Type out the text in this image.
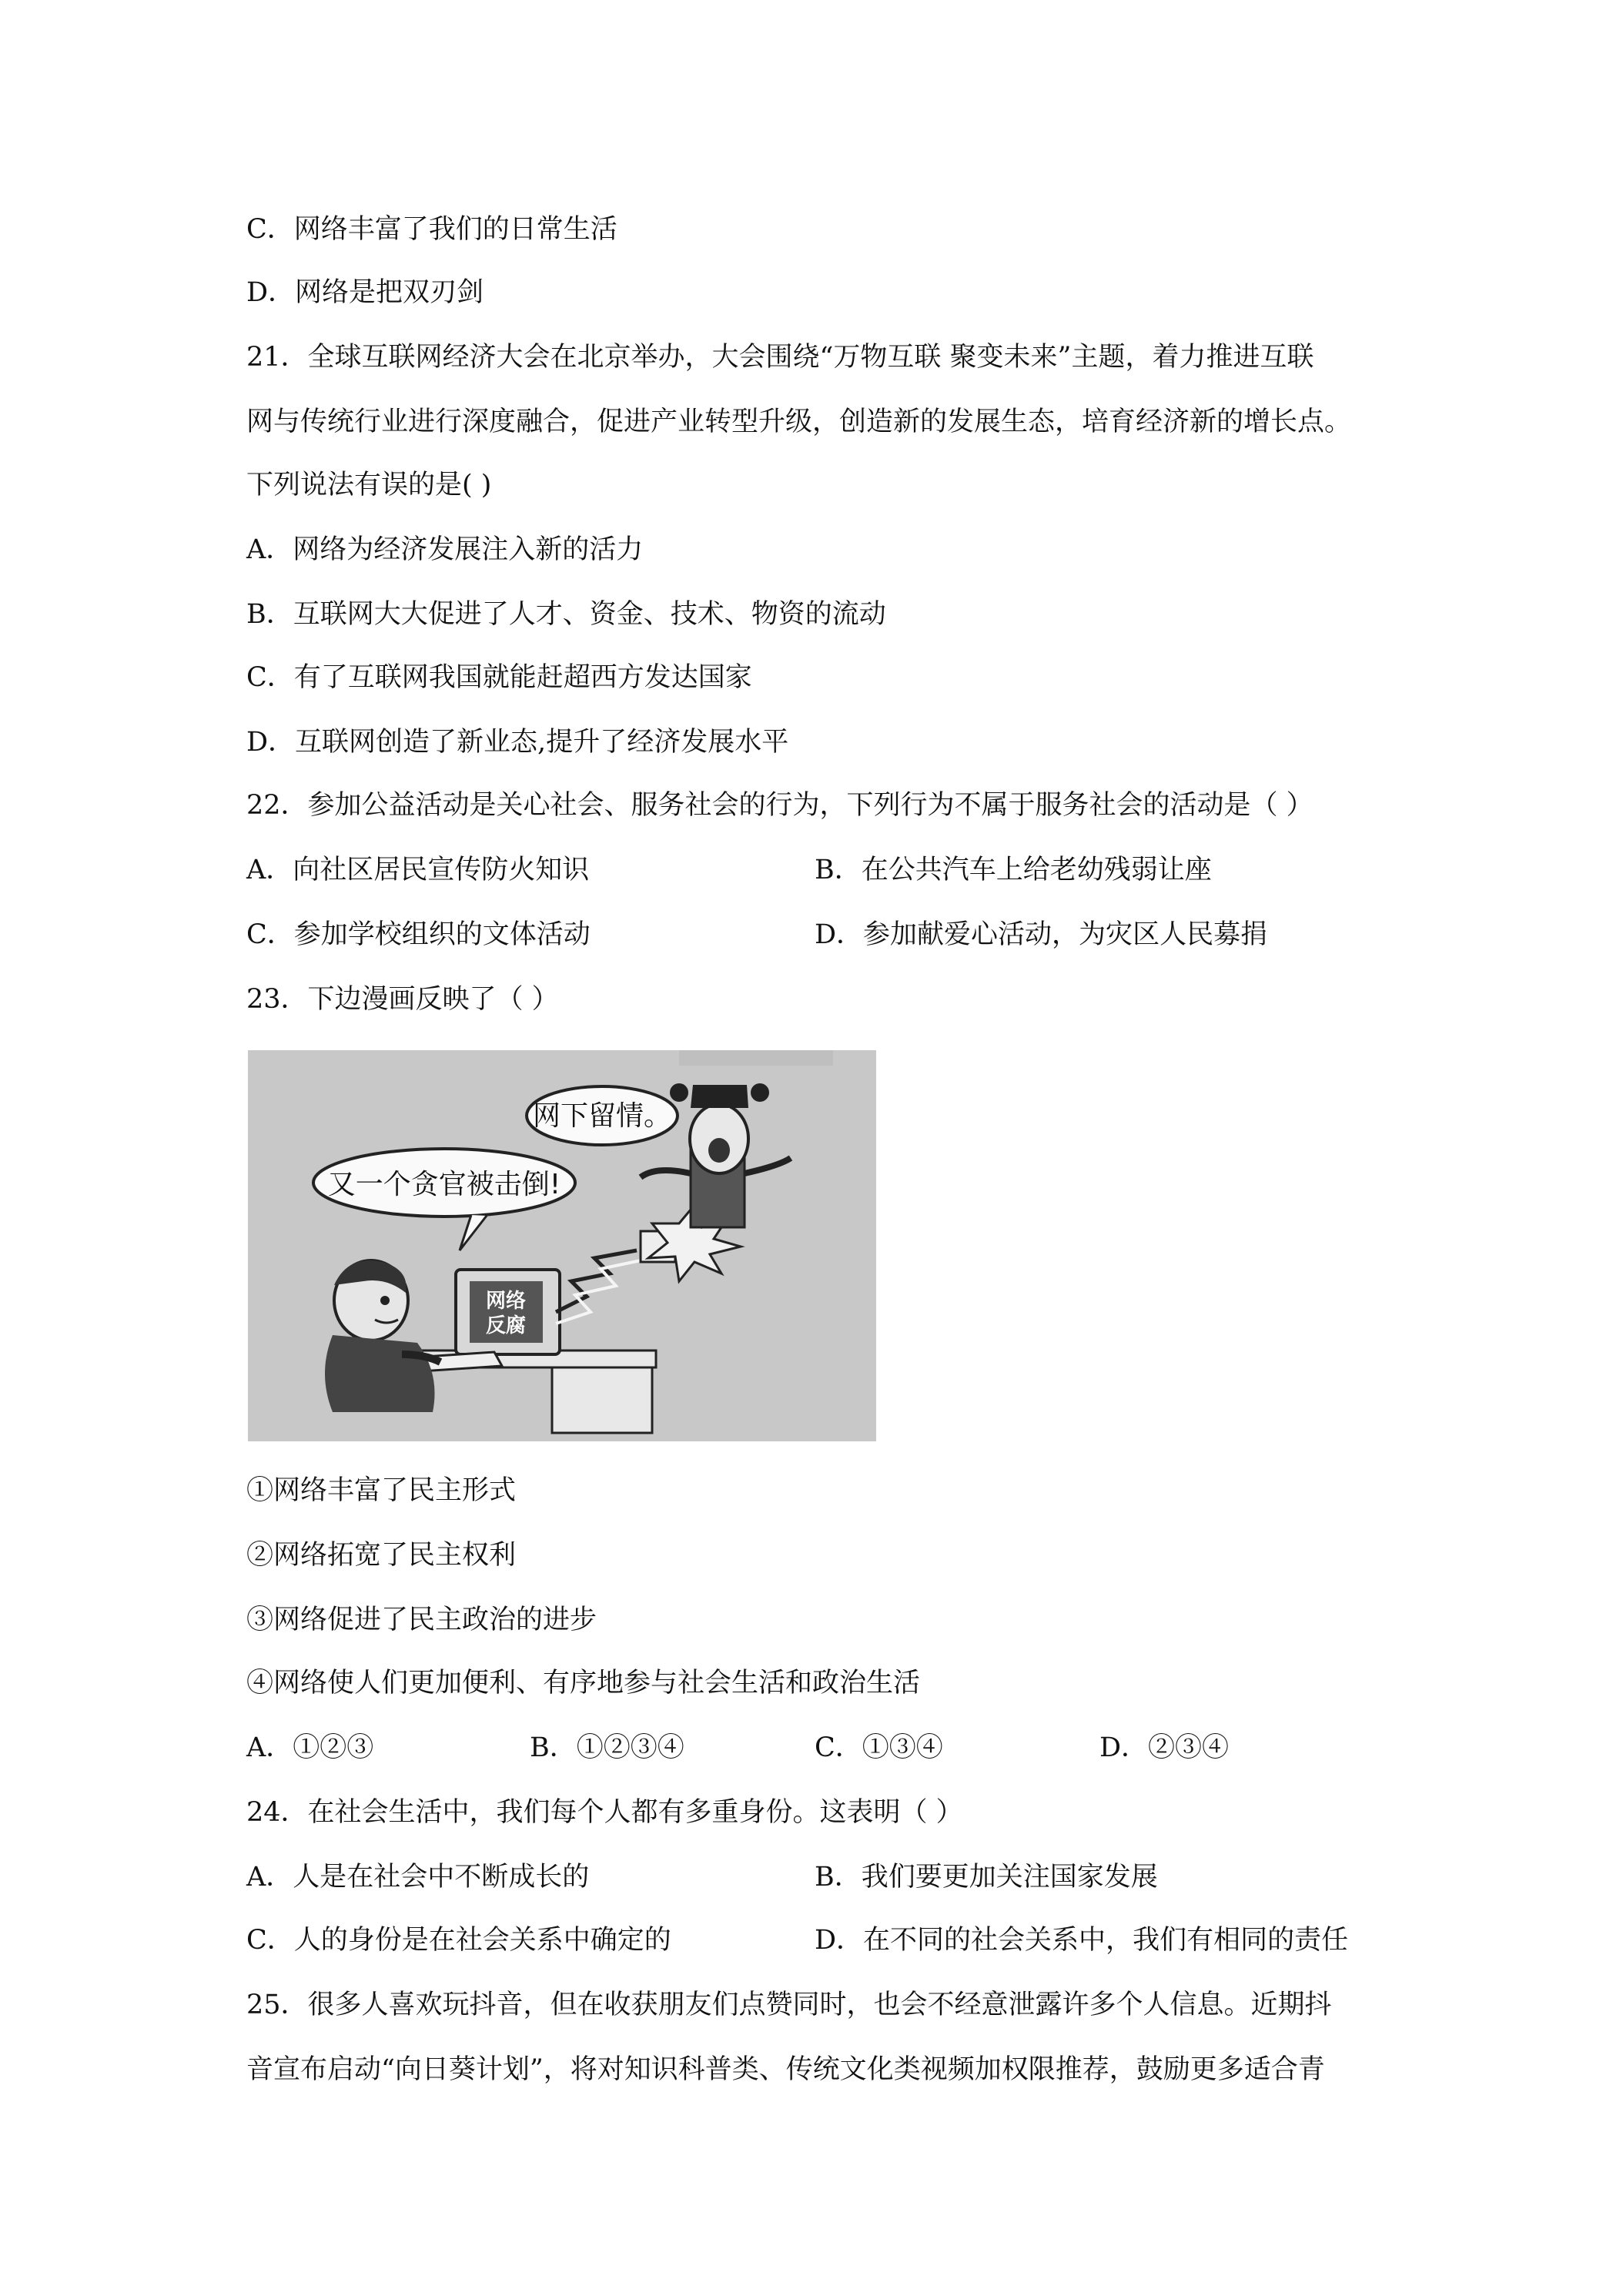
C．网络丰富了我们的日常生活
D．网络是把双刃剑
21．全球互联网经济大会在北京举办，大会围绕“万物互联 聚变未来”主题，着力推进互联
网与传统行业进行深度融合，促进产业转型升级，创造新的发展生态，培育经济新的增长点。
下列说法有误的是( )
A．网络为经济发展注入新的活力
B．互联网大大促进了人才、资金、技术、物资的流动
C．有了互联网我国就能赶超西方发达国家
D．互联网创造了新业态,提升了经济发展水平
22．参加公益活动是关心社会、服务社会的行为，下列行为不属于服务社会的活动是（ ）
A．向社区居民宣传防火知识	B．在公共汽车上给老幼残弱让座
C．参加学校组织的文体活动	D．参加献爱心活动，为灾区人民募捐
23．下边漫画反映了（ ）
网络
反腐
网下留情。
又一个贪官被击倒!
①网络丰富了民主形式
②网络拓宽了民主权利
③网络促进了民主政治的进步
④网络使人们更加便利、有序地参与社会生活和政治生活
A．①②③	B．①②③④	C．①③④	D．②③④
24．在社会生活中，我们每个人都有多重身份。这表明（ ）
A．人是在社会中不断成长的	B．我们要更加关注国家发展
C．人的身份是在社会关系中确定的	D．在不同的社会关系中，我们有相同的责任
25．很多人喜欢玩抖音，但在收获朋友们点赞同时，也会不经意泄露许多个人信息。近期抖
音宣布启动“向日葵计划”，将对知识科普类、传统文化类视频加权限推荐，鼓励更多适合青
